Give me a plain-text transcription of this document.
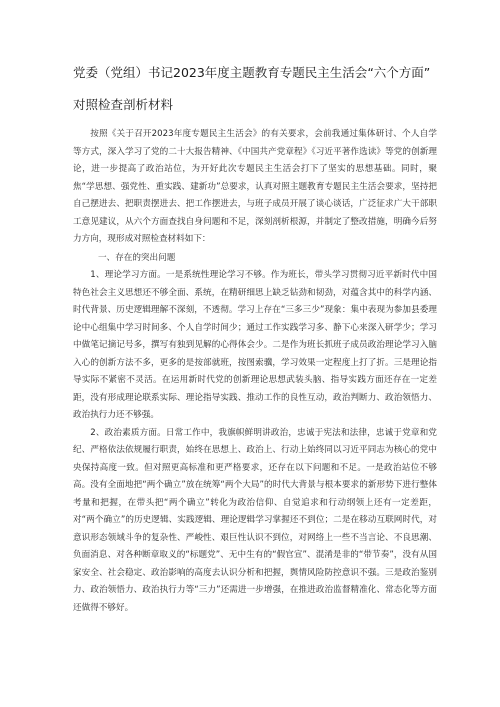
党委（党组）书记2023年度主题教育专题民主生活会“六个方面”
对照检查剖析材料

按照《关于召开2023年度专题民主生活会》的有关要求，会前我通过集体研讨、个人自学等方式，深入学习了党的二十大报告精神、《中国共产党章程》《习近平著作选读》等党的创新理论，进一步提高了政治站位，为开好此次专题民主生活会打下了坚实的思想基础。同时，聚焦“学思想、强党性、重实践、建新功”总要求，认真对照主题教育专题民主生活会要求，坚持把自己摆进去、把职责摆进去、把工作摆进去，与班子成员开展了谈心谈话，广泛征求广大干部职工意见建议，从六个方面查找自身问题和不足，深刻剖析根源，并制定了整改措施，明确今后努力方向，现形成对照检查材料如下：

一、存在的突出问题

1、理论学习方面。一是系统性理论学习不够。作为班长，带头学习贯彻习近平新时代中国特色社会主义思想还不够全面、系统，在精研细思上缺乏钻劲和韧劲，对蕴含其中的科学内涵、时代背景、历史逻辑理解不深刻，不透彻。学习上存在“三多三少”现象：集中表现为参加县委理论中心组集中学习时间多、个人自学时间少；通过工作实践学习多、静下心来深入研学少；学习中做笔记摘记号多，撰写有独到见解的心得体会少。二是作为班长抓班子成员政治理论学习入脑入心的创新方法不多，更多的是按部就班，按图索骥，学习效果一定程度上打了折。三是理论指导实际不紧密不灵活。在运用新时代党的创新理论思想武装头脑、指导实践方面还存在一定差距，没有形成理论联系实际、理论指导实践、推动工作的良性互动，政治判断力、政治领悟力、政治执行力还不够强。

2、政治素质方面。日常工作中，我旗帜鲜明讲政治，忠诚于宪法和法律，忠诚于党章和党纪、严格依法依规履行职责，始终在思想上、政治上、行动上始终同以习近平同志为核心的党中央保持高度一致。但对照更高标准和更严格要求，还存在以下问题和不足。一是政治站位不够高。没有全面地把“两个确立”放在统筹“两个大局”的时代大背景与根本要求的新形势下进行整体考量和把握，在带头把“两个确立”转化为政治信仰、自觉追求和行动纲领上还有一定差距，对“两个确立”的历史逻辑、实践逻辑、理论逻辑学习掌握还不到位；二是在移动互联网时代，对意识形态领域斗争的复杂性、严峻性、艰巨性认识不到位，对网络上一些不当言论、不良思潮、负面消息、对各种断章取义的“标题党”、无中生有的“假官宣”、混淆是非的“带节奏”，没有从国家安全、社会稳定、政治影响的高度去认识分析和把握，舆情风险防控意识不强。三是政治鉴别力、政治领悟力、政治执行力等“三力”还需进一步增强，在推进政治监督精准化、常态化等方面还做得不够好。
